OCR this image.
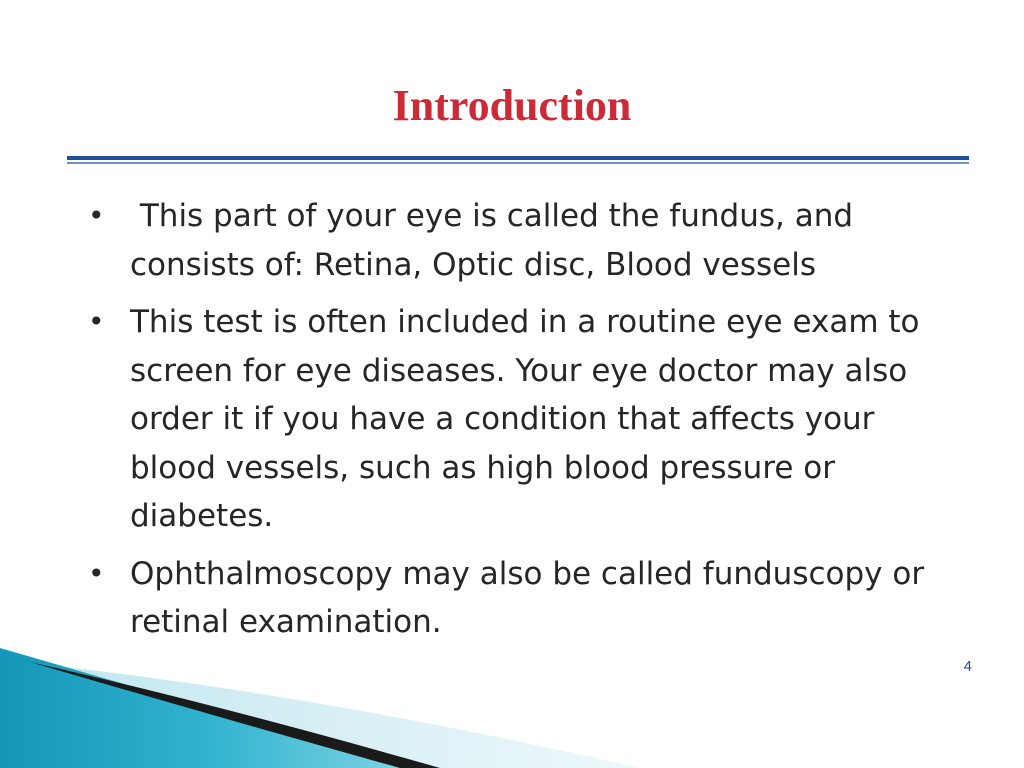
Introduction
• This part of your eye is called the fundus, and consists of: Retina, Optic disc, Blood vessels
• This test is often included in a routine eye exam to screen for eye diseases. Your eye doctor may also order it if you have a condition that affects your blood vessels, such as high blood pressure or diabetes.
• Ophthalmoscopy may also be called funduscopy or retinal examination.
4
